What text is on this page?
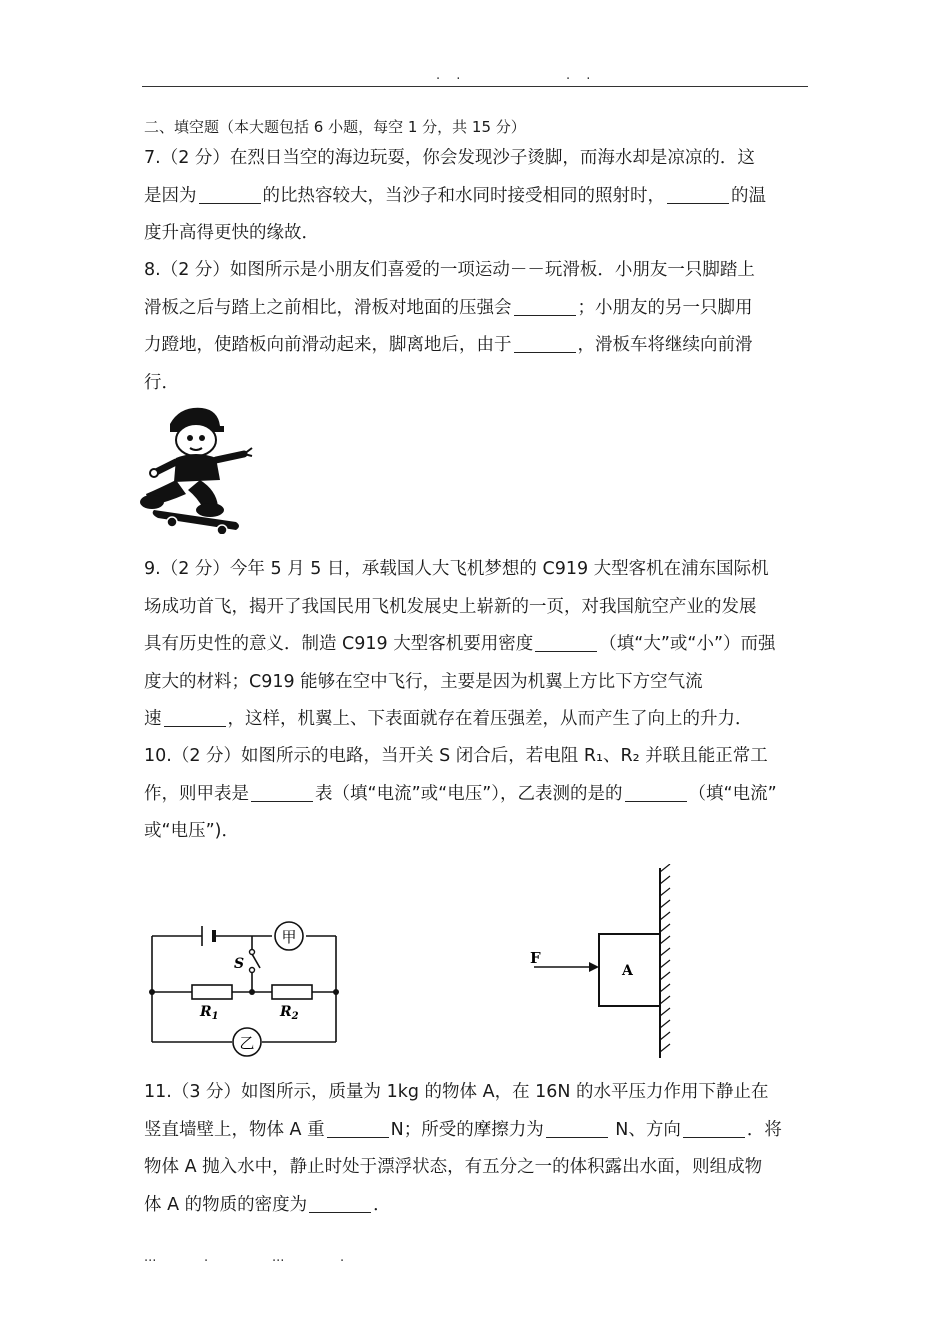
. .	. .
二、填空题（本大题包括 6 小题，每空 1 分，共 15 分）
7.（2 分）在烈日当空的海边玩耍，你会发现沙子烫脚，而海水却是凉凉的．这
是因为	的比热容较大，当沙子和水同时接受相同的照射时，	的温
度升高得更快的缘故．
8.（2 分）如图所示是小朋友们喜爱的一项运动－－玩滑板．小朋友一只脚踏上
滑板之后与踏上之前相比，滑板对地面的压强会	；小朋友的另一只脚用
力蹬地，使踏板向前滑动起来，脚离地后，由于	，滑板车将继续向前滑
行．
9.（2 分）今年 5 月 5 日，承载国人大飞机梦想的 C919 大型客机在浦东国际机
场成功首飞，揭开了我国民用飞机发展史上崭新的一页，对我国航空产业的发展
具有历史性的意义．制造 C919 大型客机要用密度	（填“大”或“小”）而强
度大的材料；C919 能够在空中飞行，主要是因为机翼上方比下方空气流
速	，这样，机翼上、下表面就存在着压强差，从而产生了向上的升力．
10.（2 分）如图所示的电路，当开关 S 闭合后，若电阻 R₁、R₂ 并联且能正常工
作，则甲表是	表（填“电流”或“电压”），乙表测的是的	（填“电流”
或“电压”)．
甲
乙
S
$R_1$	$R_2$
F
A
11.（3 分）如图所示，质量为 1kg 的物体 A，在 16N 的水平压力作用下静止在
竖直墙壁上，物体 A 重	N；所受的摩擦力为	N、方向	．将
物体 A 抛入水中，静止时处于漂浮状态，有五分之一的体积露出水面，则组成物
体 A 的物质的密度为	．
...	.	...	.
